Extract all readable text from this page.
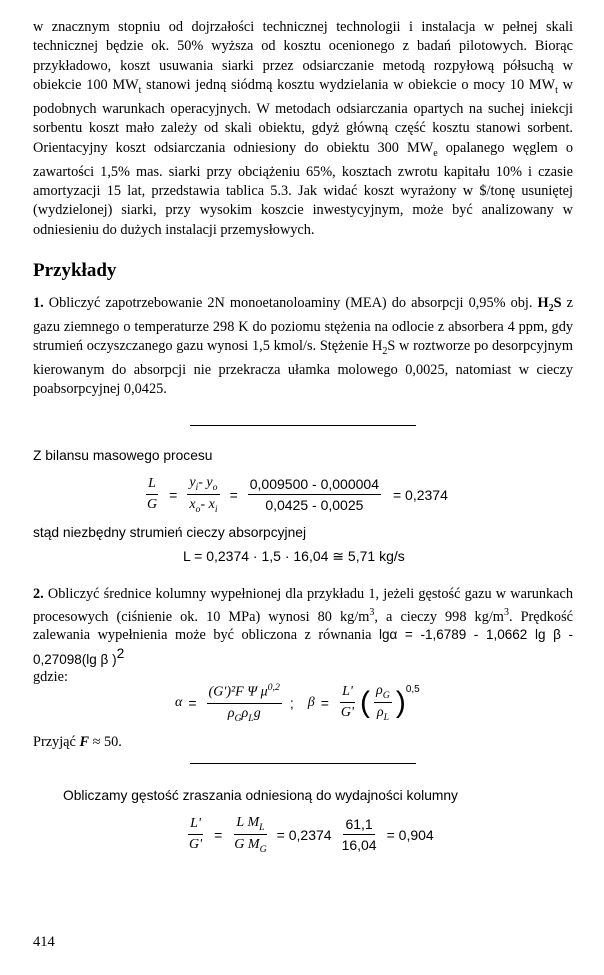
w znacznym stopniu od dojrzałości technicznej technologii i instalacja w pełnej skali technicznej będzie ok. 50% wyższa od kosztu ocenionego z badań pilotowych. Biorąc przykładowo, koszt usuwania siarki przez odsiarczanie metodą rozpyłową półsuchą w obiekcie 100 $MW_t$ stanowi jedną siódmą kosztu wydzielania w obiekcie o mocy 10 $MW_t$ w podobnych warunkach operacyjnych. W metodach odsiarczania opartych na suchej iniekcji sorbentu koszt mało zależy od skali obiektu, gdyż główną część kosztu stanowi sorbent. Orientacyjny koszt odsiarczania odniesiony do obiektu 300 $MW_e$ opalanego węglem o zawartości 1,5% mas. siarki przy obciążeniu 65%, kosztach zwrotu kapitału 10% i czasie amortyzacji 15 lat, przedstawia tablica 5.3. Jak widać koszt wyrażony w $/tonę usuniętej (wydzielonej) siarki, przy wysokim koszcie inwestycyjnym, może być analizowany w odniesieniu do dużych instalacji przemysłowych.

Przykłady

1. Obliczyć zapotrzebowanie 2N monoetanoloaminy (MEA) do absorpcji 0,95% obj. $H_2S$ z gazu ziemnego o temperaturze 298 K do poziomu stężenia na odlocie z absorbera 4 ppm, gdy strumień oczyszczanego gazu wynosi 1,5 kmol/s. Stężenie $H_2S$ w roztworze po desorpcyjnym kierowanym do absorpcji nie przekracza ułamka molowego 0,0025, natomiast w cieczy poabsorpcyjnej 0,0425.

Z bilansu masowego procesu
$\frac{L}{G} = \frac{y_i- y_o}{x_o- x_i} = \frac{0,009500 - 0,000004}{0,0425 - 0,0025} = 0,2374$
stąd niezbędny strumień cieczy absorpcyjnej
L = 0,2374 · 1,5 · 16,04 ≅ 5,71 kg/s

2. Obliczyć średnice kolumny wypełnionej dla przykładu 1, jeżeli gęstość gazu w warunkach procesowych (ciśnienie ok. 10 MPa) wynosi 80 $kg/m^3$, a cieczy 998 $kg/m^3$. Prędkość zalewania wypełnienia może być obliczona z równania lgα = -1,6789 - 1,0662 lg β - 0,27098(lg β )$^2$

gdzie:
$\alpha = \frac{(G')^2F \Psi \mu^{0,2}}{\rho_G\rho_Lg}$ ; $\beta = \frac{L'}{G'}$ ( $\frac{\rho_G}{\rho_L} )^{0,5}$
Przyjąć F ≈ 50.
Obliczamy gęstość zraszania odniesioną do wydajności kolumny
$\frac{L'}{G'} = \frac{L M_L}{G M_G} = 0,2374 \frac{61,1}{16,04} = 0,904$
414
